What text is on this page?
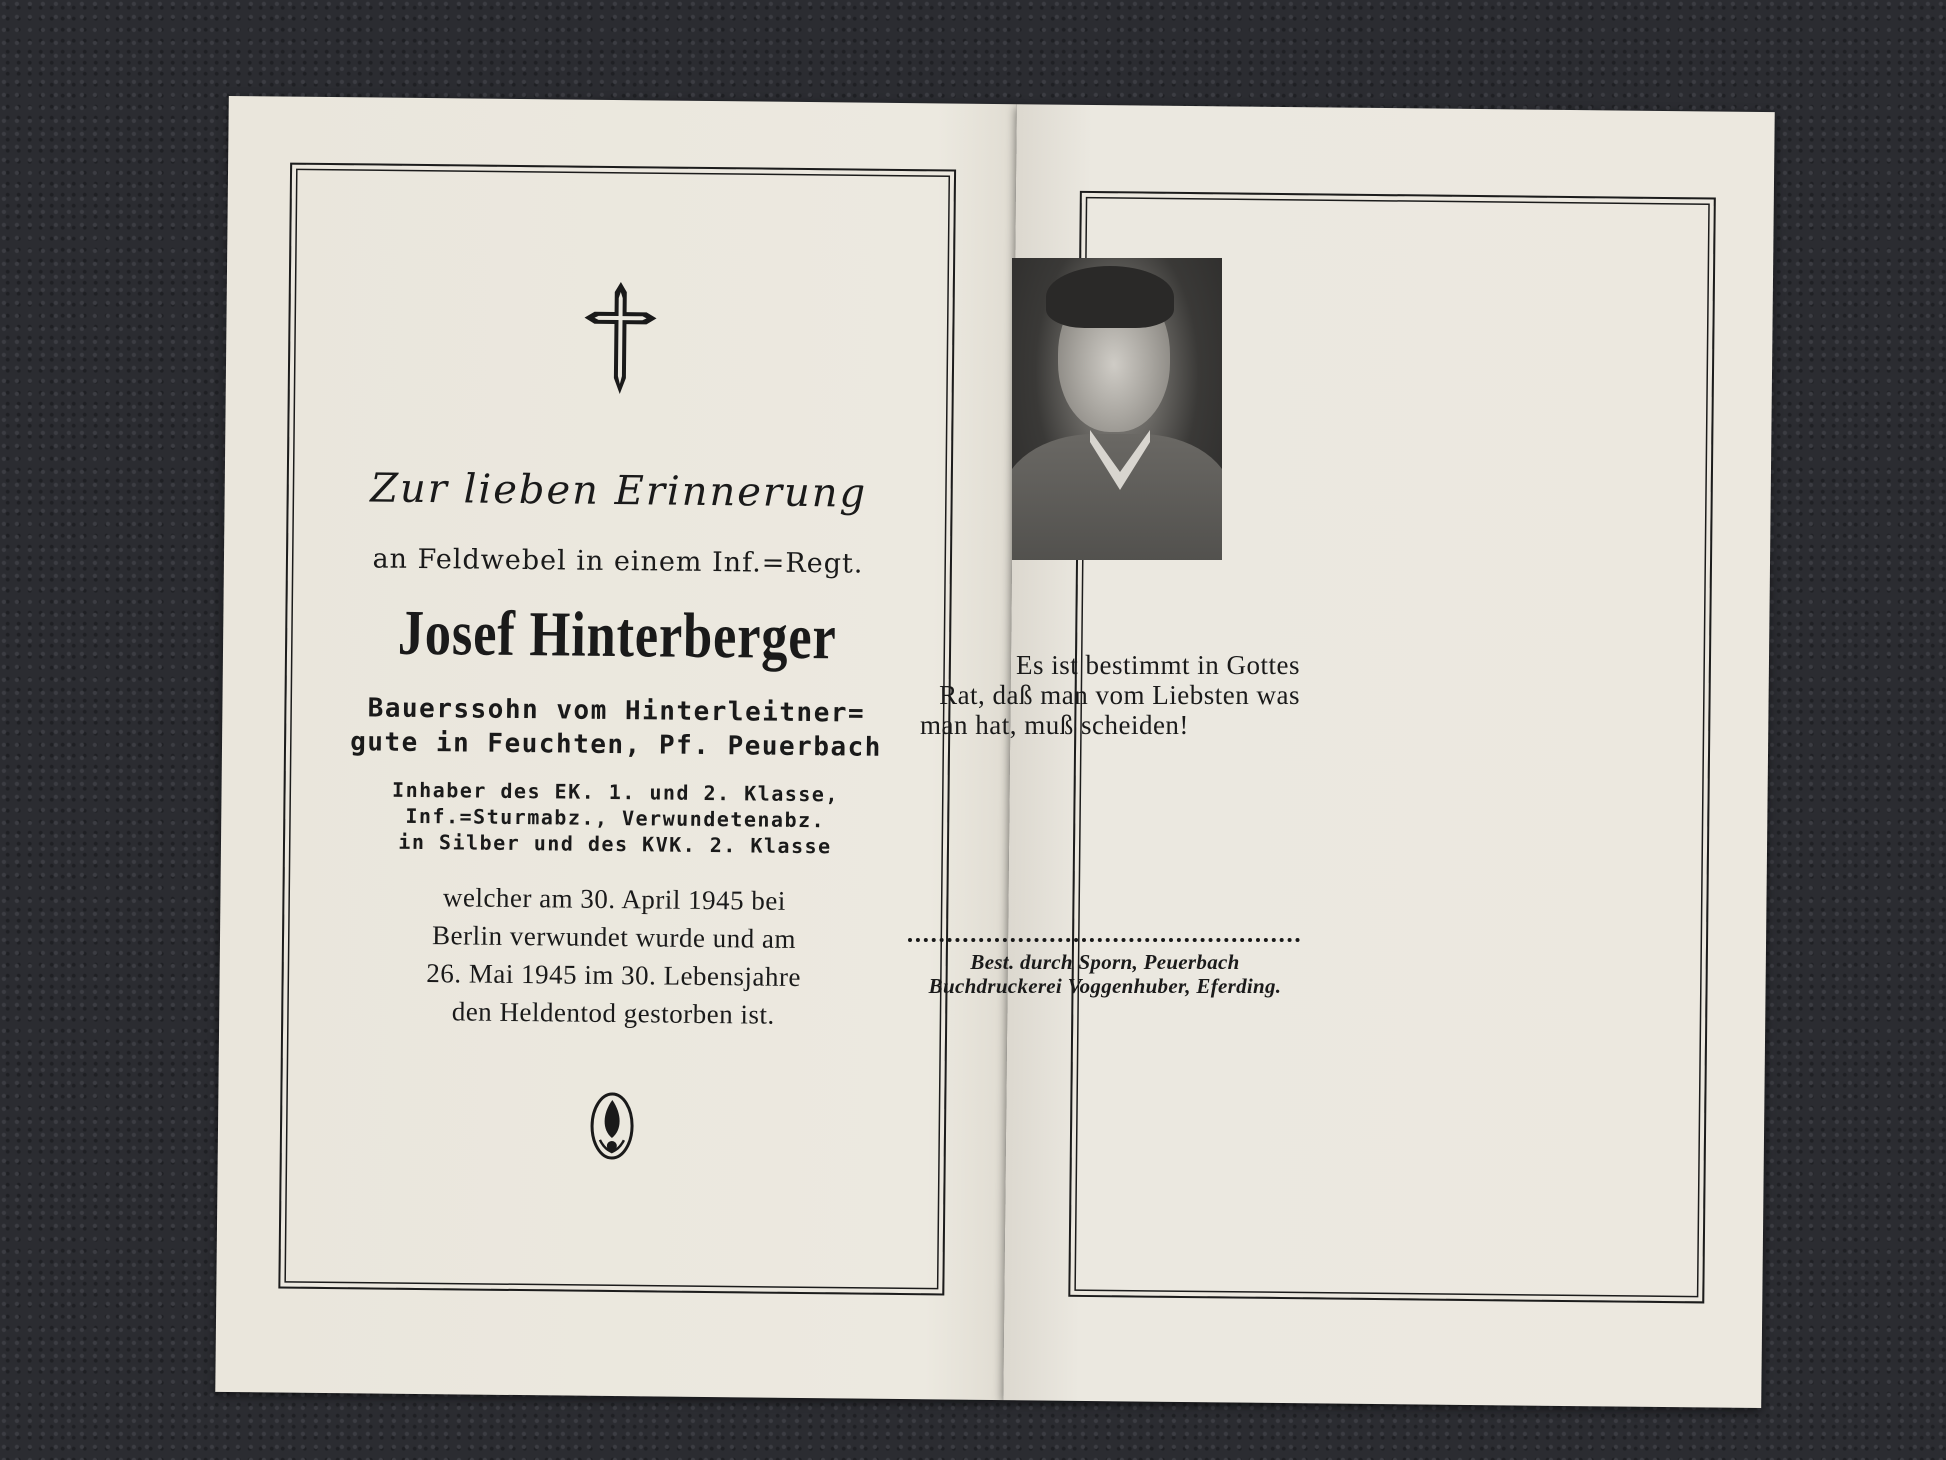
Zur lieben Erinnerung
an Feldwebel in einem Inf.=Regt.
Josef Hinterberger
Bauerssohn vom Hinterleitner=
gute in Feuchten, Pf. Peuerbach
Inhaber des EK. 1. und 2. Klasse,
Inf.=Sturmabz., Verwundetenabz.
in Silber und des KVK. 2. Klasse
welcher am 30. April 1945 bei
Berlin verwundet wurde und am
26. Mai 1945 im 30. Lebensjahre
den Heldentod gestorben ist.
Es ist bestimmt in Gottes
Rat, daß man vom Liebsten was
man hat, muß scheiden!
Best. durch Sporn, Peuerbach
Buchdruckerei Voggenhuber, Eferding.
